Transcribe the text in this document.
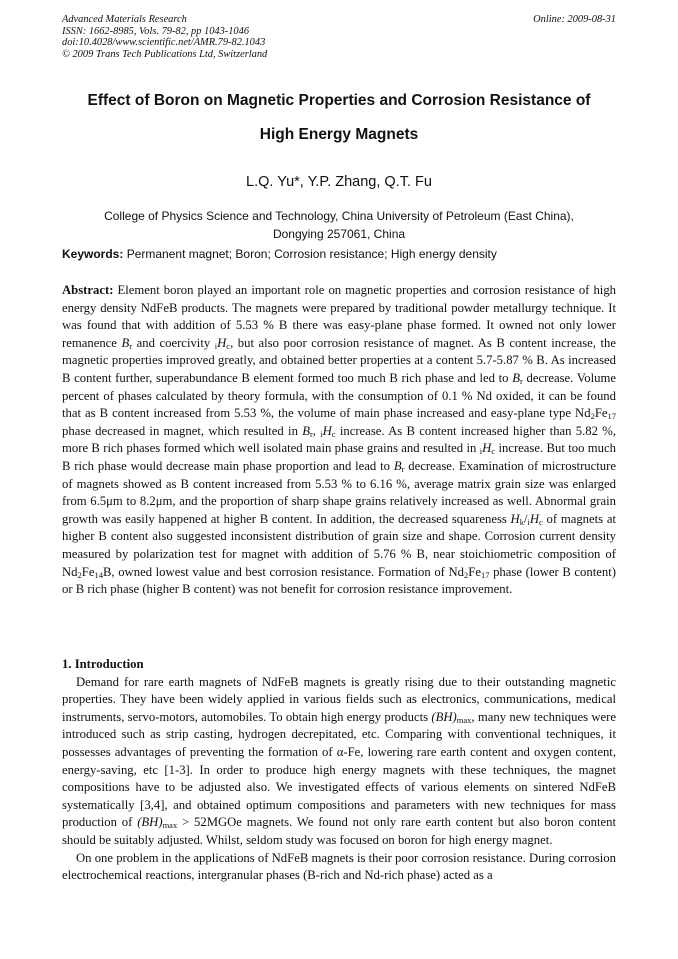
Advanced Materials Research
ISSN: 1662-8985, Vols. 79-82, pp 1043-1046
doi:10.4028/www.scientific.net/AMR.79-82.1043
© 2009 Trans Tech Publications Ltd, Switzerland
Online: 2009-08-31
Effect of Boron on Magnetic Properties and Corrosion Resistance of
High Energy Magnets
L.Q. Yu*, Y.P. Zhang, Q.T. Fu
College of Physics Science and Technology, China University of Petroleum (East China),
Dongying 257061, China
Keywords: Permanent magnet; Boron; Corrosion resistance; High energy density

Abstract: Element boron played an important role on magnetic properties and corrosion resistance of high energy density NdFeB products. The magnets were prepared by traditional powder metallurgy technique. It was found that with addition of 5.53 % B there was easy-plane phase formed. It owned not only lower remanence $B_r$ and coercivity $_iH_c$, but also poor corrosion resistance of magnet. As B content increase, the magnetic properties improved greatly, and obtained better properties at a content 5.7-5.87 % B. As increased B content further, superabundance B element formed too much B rich phase and led to $B_r$ decrease. Volume percent of phases calculated by theory formula, with the consumption of 0.1 % Nd oxided, it can be found that as B content increased from 5.53 %, the volume of main phase increased and easy-plane type $Nd_2Fe_{17}$ phase decreased in magnet, which resulted in $B_r$, $_iH_c$ increase. As B content increased higher than 5.82 %, more B rich phases formed which well isolated main phase grains and resulted in $_iH_c$ increase. But too much B rich phase would decrease main phase proportion and lead to $B_r$ decrease. Examination of microstructure of magnets showed as B content increased from 5.53 % to 6.16 %, average matrix grain size was enlarged from 6.5μm to 8.2μm, and the proportion of sharp shape grains relatively increased as well. Abnormal grain growth was easily happened at higher B content. In addition, the decreased squareness $H_k/_iH_c$ of magnets at higher B content also suggested inconsistent distribution of grain size and shape. Corrosion current density measured by polarization test for magnet with addition of 5.76 % B, near stoichiometric composition of $Nd_2Fe_{14}B$, owned lowest value and best corrosion resistance. Formation of $Nd_2Fe_{17}$ phase (lower B content) or B rich phase (higher B content) was not benefit for corrosion resistance improvement.

1. Introduction

Demand for rare earth magnets of NdFeB magnets is greatly rising due to their outstanding magnetic properties. They have been widely applied in various fields such as electronics, communications, medical instruments, servo-motors, automobiles. To obtain high energy products $(BH)_{max}$, many new techniques were introduced such as strip casting, hydrogen decrepitated, etc. Comparing with conventional techniques, it possesses advantages of preventing the formation of α-Fe, lowering rare earth content and oxygen content, energy-saving, etc [1-3]. In order to produce high energy magnets with these techniques, the magnet compositions have to be adjusted also. We investigated effects of various elements on sintered NdFeB systematically [3,4], and obtained optimum compositions and parameters with new techniques for mass production of $(BH)_{max}$ > 52MGOe magnets. We found not only rare earth content but also boron content should be suitably adjusted. Whilst, seldom study was focused on boron for high energy magnet.

On one problem in the applications of NdFeB magnets is their poor corrosion resistance. During corrosion electrochemical reactions, intergranular phases (B-rich and Nd-rich phase) acted as a
